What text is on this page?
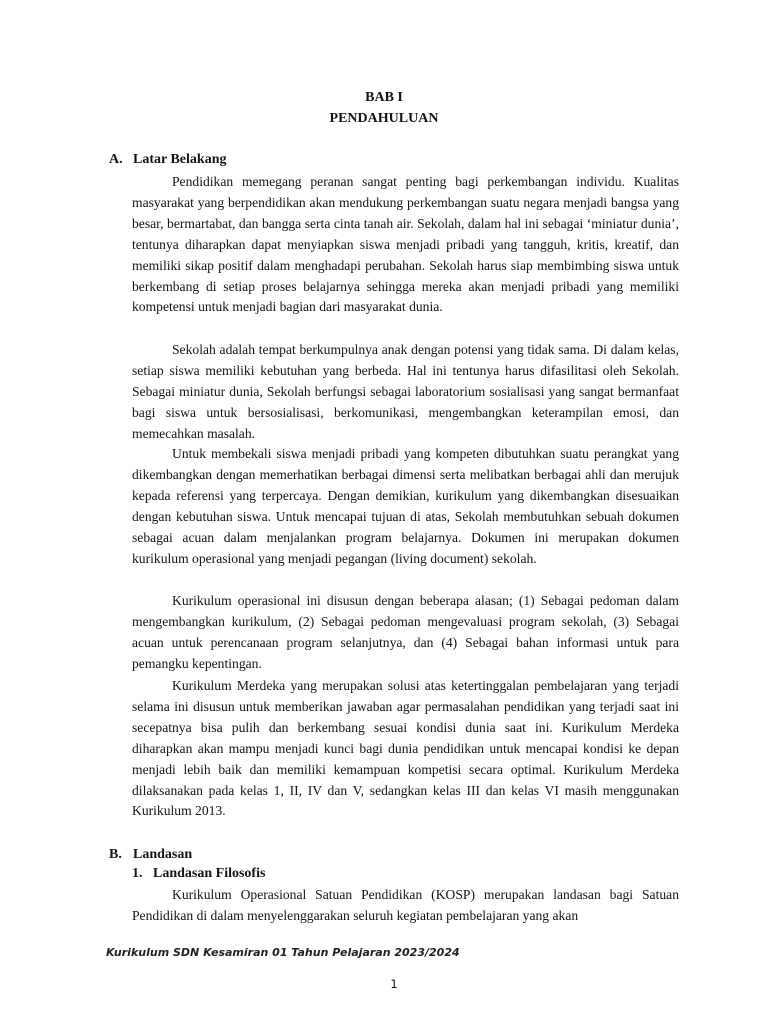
BAB I
PENDAHULUAN
A. Latar Belakang

Pendidikan memegang peranan sangat penting bagi perkembangan individu. Kualitas masyarakat yang berpendidikan akan mendukung perkembangan suatu negara menjadi bangsa yang besar, bermartabat, dan bangga serta cinta tanah air. Sekolah, dalam hal ini sebagai ‘miniatur dunia’, tentunya diharapkan dapat menyiapkan siswa menjadi pribadi yang tangguh, kritis, kreatif, dan memiliki sikap positif dalam menghadapi perubahan. Sekolah harus siap membimbing siswa untuk berkembang di setiap proses belajarnya sehingga mereka akan menjadi pribadi yang memiliki kompetensi untuk menjadi bagian dari masyarakat dunia.

Sekolah adalah tempat berkumpulnya anak dengan potensi yang tidak sama. Di dalam kelas, setiap siswa memiliki kebutuhan yang berbeda. Hal ini tentunya harus difasilitasi oleh Sekolah. Sebagai miniatur dunia, Sekolah berfungsi sebagai laboratorium sosialisasi yang sangat bermanfaat bagi siswa untuk bersosialisasi, berkomunikasi, mengembangkan keterampilan emosi, dan memecahkan masalah.

Untuk membekali siswa menjadi pribadi yang kompeten dibutuhkan suatu perangkat yang dikembangkan dengan memerhatikan berbagai dimensi serta melibatkan berbagai ahli dan merujuk kepada referensi yang terpercaya. Dengan demikian, kurikulum yang dikembangkan disesuaikan dengan kebutuhan siswa. Untuk mencapai tujuan di atas, Sekolah membutuhkan sebuah dokumen sebagai acuan dalam menjalankan program belajarnya. Dokumen ini merupakan dokumen kurikulum operasional yang menjadi pegangan (living document) sekolah.

Kurikulum operasional ini disusun dengan beberapa alasan; (1) Sebagai pedoman dalam mengembangkan kurikulum, (2) Sebagai pedoman mengevaluasi program sekolah, (3) Sebagai acuan untuk perencanaan program selanjutnya, dan (4) Sebagai bahan informasi untuk para pemangku kepentingan.

Kurikulum Merdeka yang merupakan solusi atas ketertinggalan pembelajaran yang terjadi selama ini disusun untuk memberikan jawaban agar permasalahan pendidikan yang terjadi saat ini secepatnya bisa pulih dan berkembang sesuai kondisi dunia saat ini. Kurikulum Merdeka diharapkan akan mampu menjadi kunci bagi dunia pendidikan untuk mencapai kondisi ke depan menjadi lebih baik dan memiliki kemampuan kompetisi secara optimal. Kurikulum Merdeka dilaksanakan pada kelas 1, II, IV dan V, sedangkan kelas III dan kelas VI masih menggunakan Kurikulum 2013.

B. Landasan
1. Landasan Filosofis

Kurikulum Operasional Satuan Pendidikan (KOSP) merupakan landasan bagi Satuan Pendidikan di dalam menyelenggarakan seluruh kegiatan pembelajaran yang akan

Kurikulum SDN Kesamiran 01 Tahun Pelajaran 2023/2024
1
